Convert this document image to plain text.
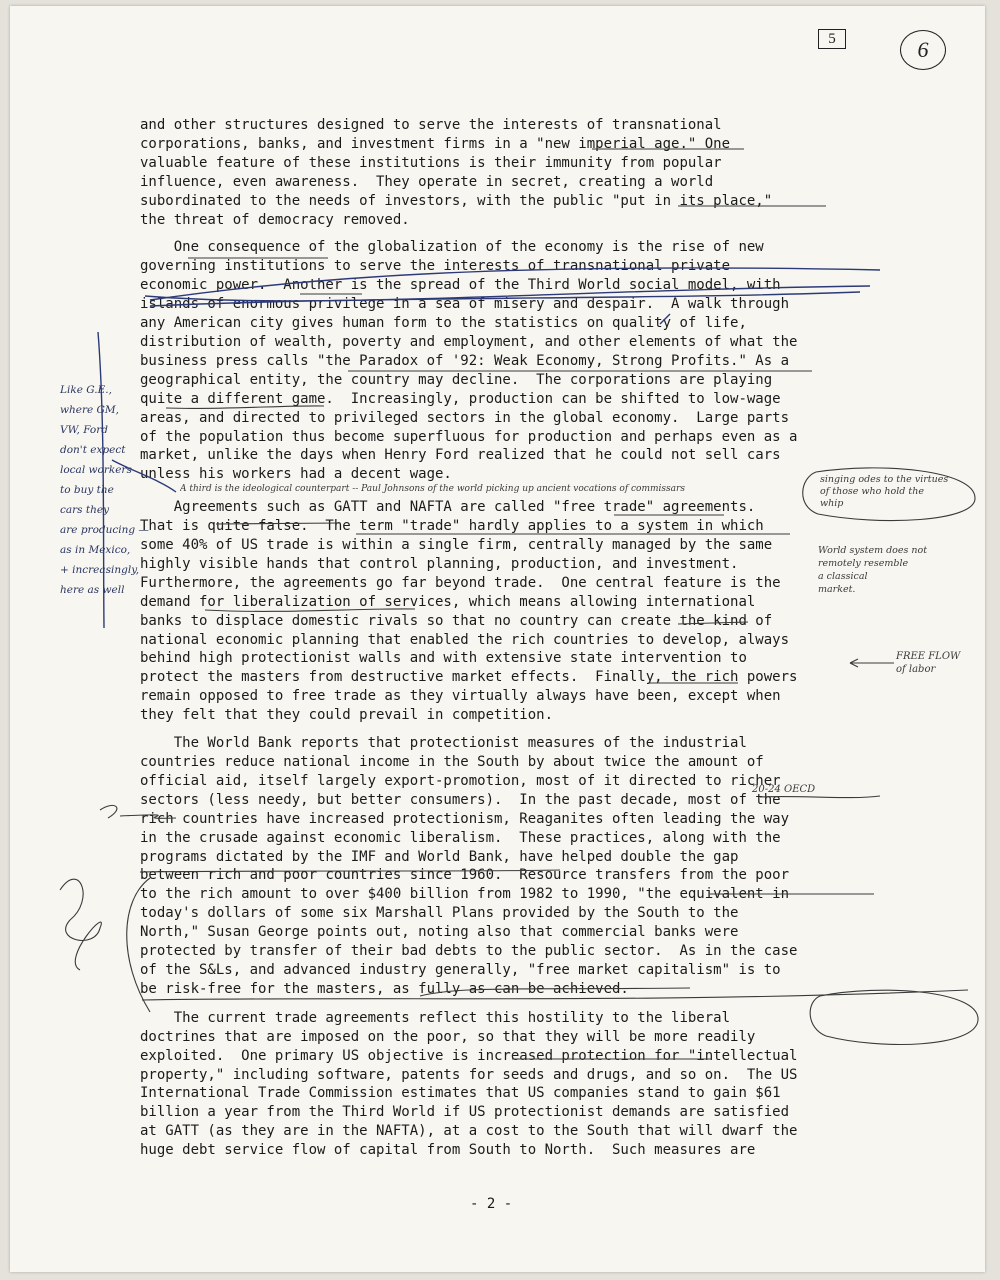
5	6

and other structures designed to serve the interests of transnational
corporations, banks, and investment firms in a "new imperial age." One
valuable feature of these institutions is their immunity from popular
influence, even awareness.  They operate in secret, creating a world
subordinated to the needs of investors, with the public "put in its place,"
the threat of democracy removed.

One consequence of the globalization of the economy is the rise of new
governing institutions to serve the interests of transnational private
economic power.  Another is the spread of the Third World social model, with
islands of enormous privilege in a sea of misery and despair.  A walk through
any American city gives human form to the statistics on quality of life,
distribution of wealth, poverty and employment, and other elements of what the
business press calls "the Paradox of '92: Weak Economy, Strong Profits." As a
geographical entity, the country may decline.  The corporations are playing
quite a different game.  Increasingly, production can be shifted to low-wage
areas, and directed to privileged sectors in the global economy.  Large parts
of the population thus become superfluous for production and perhaps even as a
market, unlike the days when Henry Ford realized that he could not sell cars
unless his workers had a decent wage.

Agreements such as GATT and NAFTA are called "free trade" agreements.
That is quite false.  The term "trade" hardly applies to a system in which
some 40% of US trade is within a single firm, centrally managed by the same
highly visible hands that control planning, production, and investment.
Furthermore, the agreements go far beyond trade.  One central feature is the
demand for liberalization of services, which means allowing international
banks to displace domestic rivals so that no country can create the kind of
national economic planning that enabled the rich countries to develop, always
behind high protectionist walls and with extensive state intervention to
protect the masters from destructive market effects.  Finally, the rich powers
remain opposed to free trade as they virtually always have been, except when
they felt that they could prevail in competition.

The World Bank reports that protectionist measures of the industrial
countries reduce national income in the South by about twice the amount of
official aid, itself largely export-promotion, most of it directed to richer
sectors (less needy, but better consumers).  In the past decade, most of the
rich countries have increased protectionism, Reaganites often leading the way
in the crusade against economic liberalism.  These practices, along with the
programs dictated by the IMF and World Bank, have helped double the gap
between rich and poor countries since 1960.  Resource transfers from the poor
to the rich amount to over $400 billion from 1982 to 1990, "the equivalent in
today's dollars of some six Marshall Plans provided by the South to the
North," Susan George points out, noting also that commercial banks were
protected by transfer of their bad debts to the public sector.  As in the case
of the S&Ls, and advanced industry generally, "free market capitalism" is to
be risk-free for the masters, as fully as can be achieved.

The current trade agreements reflect this hostility to the liberal
doctrines that are imposed on the poor, so that they will be more readily
exploited.  One primary US objective is increased protection for "intellectual
property," including software, patents for seeds and drugs, and so on.  The US
International Trade Commission estimates that US companies stand to gain $61
billion a year from the Third World if US protectionist demands are satisfied
at GATT (as they are in the NAFTA), at a cost to the South that will dwarf the
huge debt service flow of capital from South to North.  Such measures are

- 2 -
Like G.E.,
where GM,
VW, Ford
don't expect
local workers
to buy the
cars they
are producing
as in Mexico,
+ increasingly,
here as well
A third is the ideological counterpart -- Paul Johnsons of the world picking up ancient vocations of commissars
singing odes to the virtues
of those who hold the
whip
World system does not
remotely resemble
a classical
market.
FREE FLOW
of labor
20-24 OECD
